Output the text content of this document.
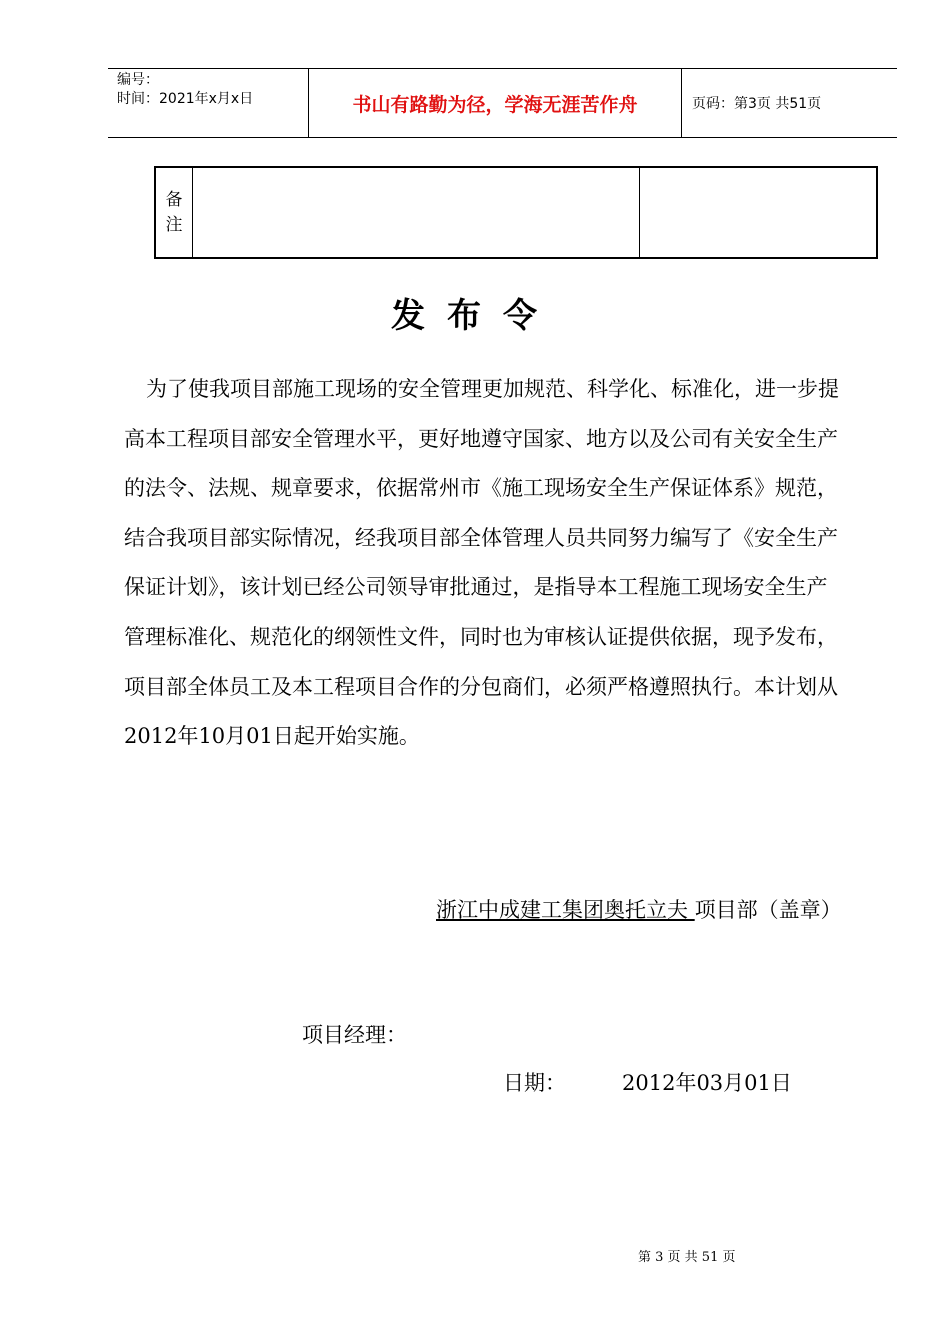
编号：
时间：2021年x月x日	书山有路勤为径，学海无涯苦作舟	页码：第3页 共51页
备
注
发布令

为了使我项目部施工现场的安全管理更加规范、科学化、标准化，进一步提

高本工程项目部安全管理水平，更好地遵守国家、地方以及公司有关安全生产

的法令、法规、规章要求，依据常州市《施工现场安全生产保证体系》规范，

结合我项目部实际情况，经我项目部全体管理人员共同努力编写了《安全生产

保证计划》，该计划已经公司领导审批通过，是指导本工程施工现场安全生产

管理标准化、规范化的纲领性文件，同时也为审核认证提供依据，现予发布，

项目部全体员工及本工程项目合作的分包商们，必须严格遵照执行。本计划从

2012年10月01日起开始实施。

浙江中成建工集团奥托立夫 项目部（盖章）
项目经理：
日期：	2012年03月01日
第 3 页 共 51 页
